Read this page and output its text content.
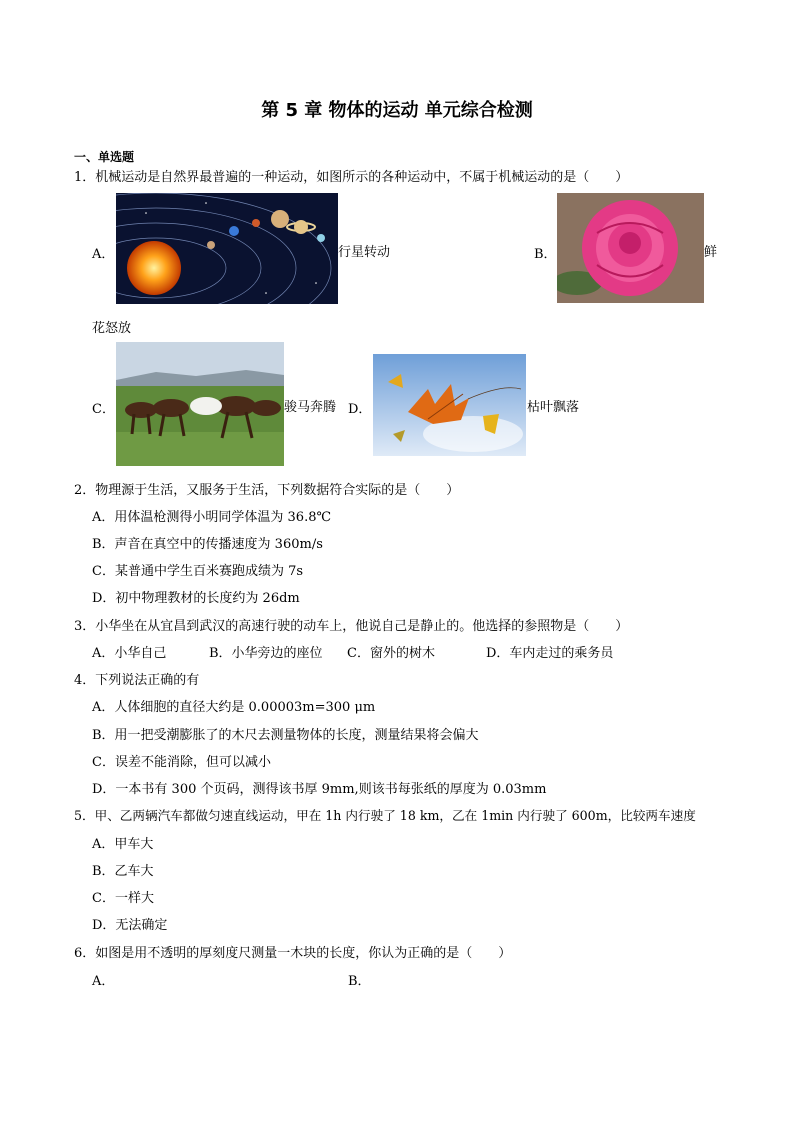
第 5 章 物体的运动 单元综合检测
一、单选题
1．机械运动是自然界最普遍的一种运动，如图所示的各种运动中，不属于机械运动的是（　　）
A．	行星转动	B．	鲜
花怒放
C．	骏马奔腾 D．	枯叶飘落
2．物理源于生活，又服务于生活，下列数据符合实际的是（　　）
A．用体温枪测得小明同学体温为 36.8℃
B．声音在真空中的传播速度为 360m/s
C．某普通中学生百米赛跑成绩为 7s
D．初中物理教材的长度约为 26dm
3．小华坐在从宜昌到武汉的高速行驶的动车上，他说自己是静止的。他选择的参照物是（　　）
A．小华自己	B．小华旁边的座位 C．窗外的树木	D．车内走过的乘务员
4．下列说法正确的有
A．人体细胞的直径大约是 0.00003m=300 μm
B．用一把受潮膨胀了的木尺去测量物体的长度，测量结果将会偏大
C．误差不能消除，但可以减小
D．一本书有 300 个页码，测得该书厚 9mm,则该书每张纸的厚度为 0.03mm
5．甲、乙两辆汽车都做匀速直线运动，甲在 1h 内行驶了 18 km，乙在 1min 内行驶了 600m，比较两车速度
A．甲车大
B．乙车大
C．一样大
D．无法确定
6．如图是用不透明的厚刻度尺测量一木块的长度，你认为正确的是（　　）
A．	B．
